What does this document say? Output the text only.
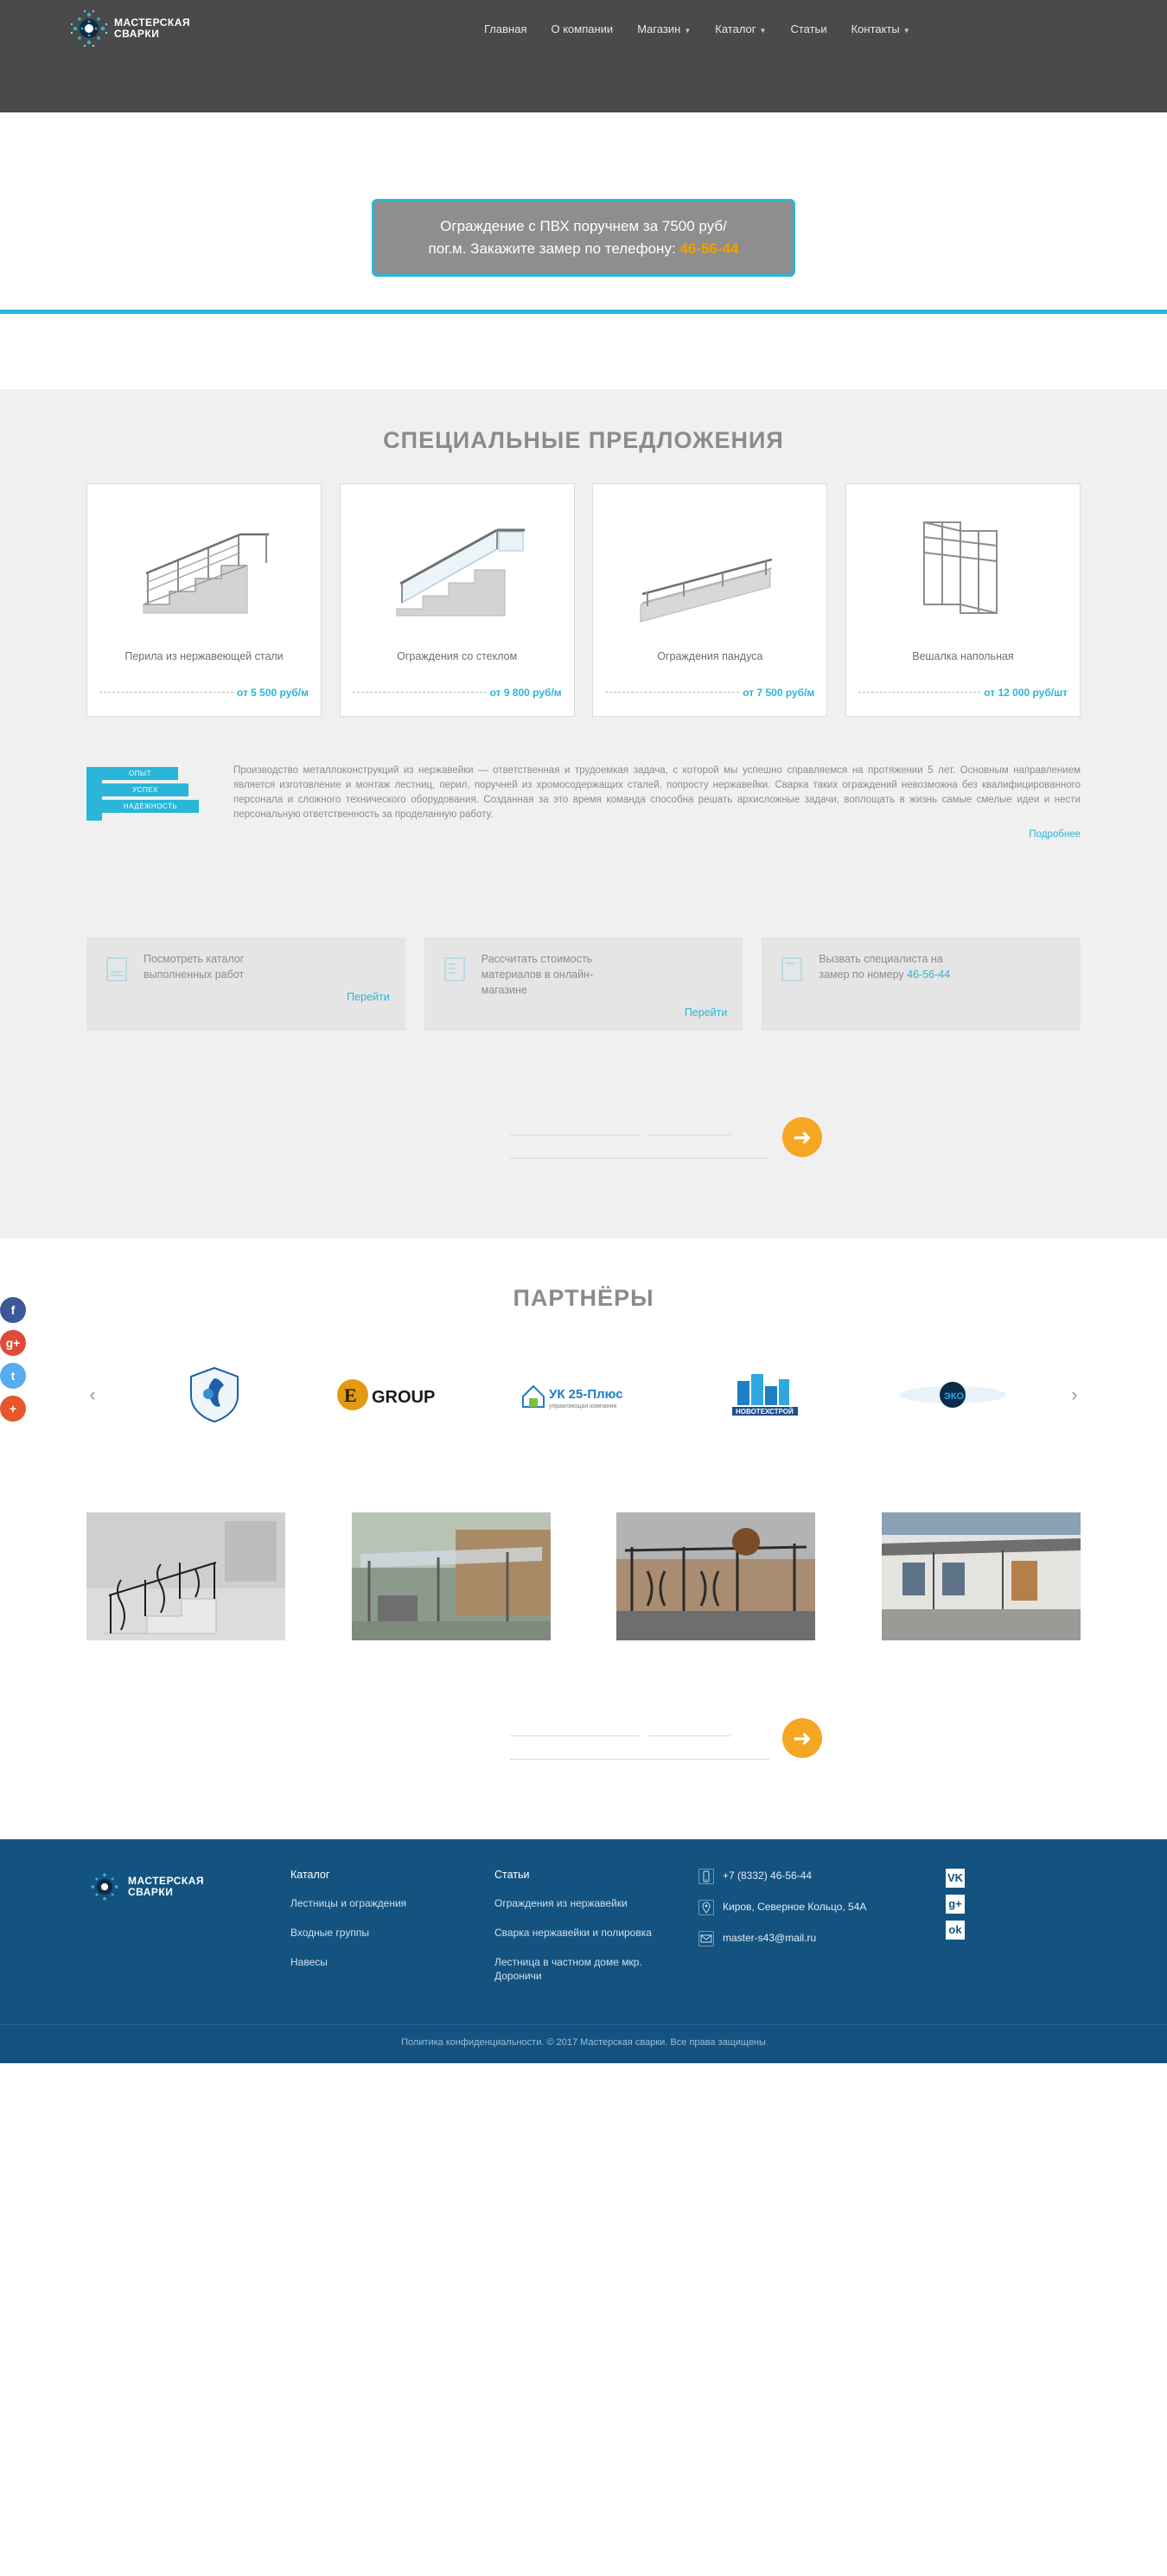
МАСТЕРСКАЯ
СВАРКИ	Главная О компании Магазин ▼ Каталог ▼ Статьи Контакты ▼
Ограждение с ПВХ поручнем за 7500 руб/
пог.м. Закажите замер по телефону: 46-56-44
СПЕЦИАЛЬНЫЕ ПРЕДЛОЖЕНИЯ
Перила из нержавеющей стали
от 5 500 руб/м
Ограждения со стеклом
от 9 800 руб/м
Ограждения пандуса
от 7 500 руб/м
Вешалка напольная
от 12 000 руб/шт
ОПЫТ
УСПЕХ
НАДЁЖНОСТЬ
Производство металлоконструкций из нержавейки — ответственная и трудоемкая задача, с которой мы успешно справляемся на протяжении 5 лет. Основным направлением является изготовление и монтаж лестниц, перил, поручней из хромосодержащих сталей, попросту нержавейки. Сварка таких ограждений невозможна без квалифицированного персонала и сложного технического оборудования. Созданная за это время команда способна решать архисложные задачи, воплощать в жизнь самые смелые идеи и нести персональную ответственность за проделанную работу.
Подробнее
Посмотреть каталог
выполненных работ
Перейти
Рассчитать стоимость
материалов в онлайн-
магазине
Перейти
Вызвать специалиста на
замер по номеру 46-56-44
➜
ПАРТНЁРЫ
‹	E GROUP	УК 25-Плюс
управляющая компания
НОВОТЕХСТРОЙ
ЭКО	›
➜
МАСТЕРСКАЯ
СВАРКИ
Каталог
Лестницы и ограждения
Входные группы
Навесы
Статьи
Ограждения из нержавейки
Сварка нержавейки и полировка
Лестница в частном доме мкр. Дороничи
+7 (8332) 46-56-44
Киров, Северное Кольцо, 54А
master-s43@mail.ru
VK
g+
ok
Политика конфиденциальности. © 2017 Мастерская сварки. Все права защищены
f
g+
t
+
